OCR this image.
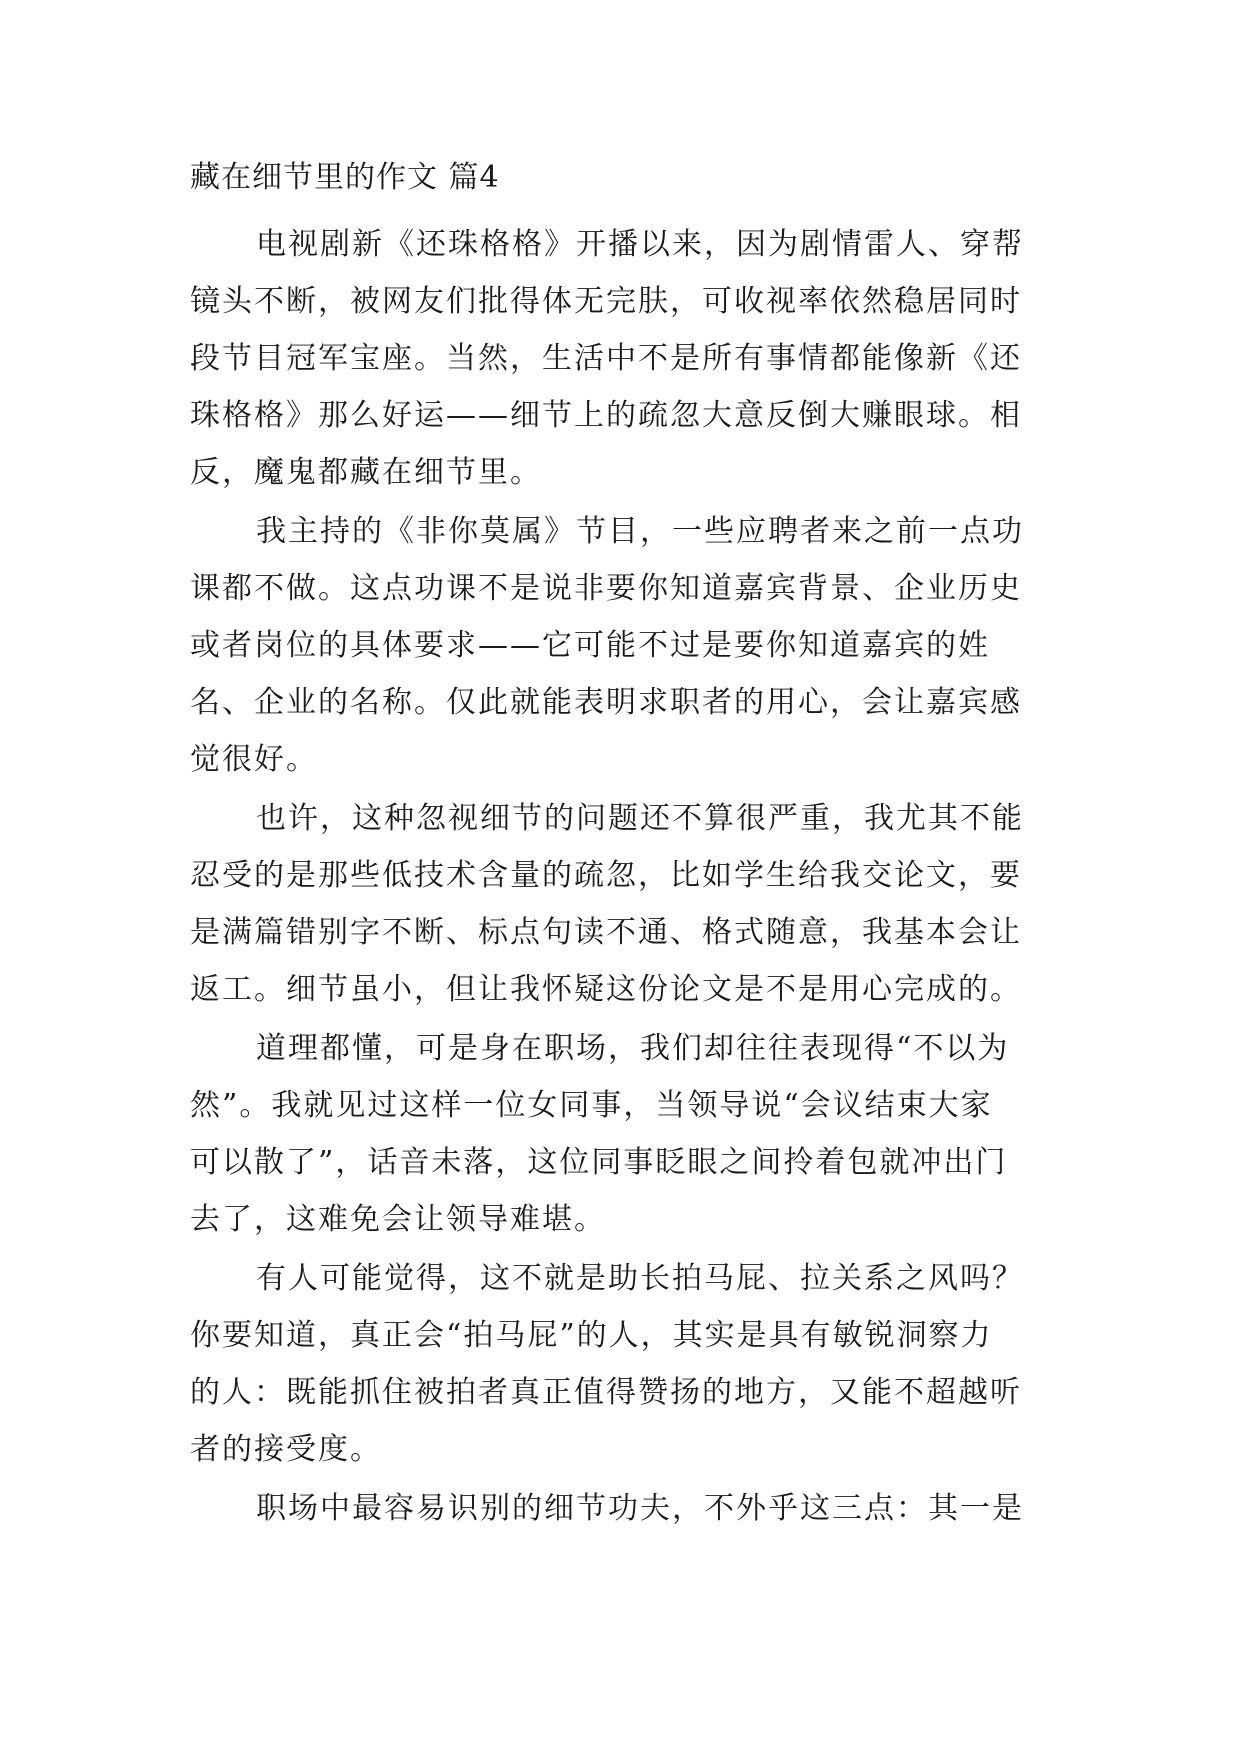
藏在细节里的作文 篇4
电视剧新《还珠格格》开播以来，因为剧情雷人、穿帮
镜头不断，被网友们批得体无完肤，可收视率依然稳居同时
段节目冠军宝座。当然，生活中不是所有事情都能像新《还
珠格格》那么好运——细节上的疏忽大意反倒大赚眼球。相
反，魔鬼都藏在细节里。
我主持的《非你莫属》节目，一些应聘者来之前一点功
课都不做。这点功课不是说非要你知道嘉宾背景、企业历史
或者岗位的具体要求——它可能不过是要你知道嘉宾的姓
名、企业的名称。仅此就能表明求职者的用心，会让嘉宾感
觉很好。
也许，这种忽视细节的问题还不算很严重，我尤其不能
忍受的是那些低技术含量的疏忽，比如学生给我交论文，要
是满篇错别字不断、标点句读不通、格式随意，我基本会让
返工。细节虽小，但让我怀疑这份论文是不是用心完成的。
道理都懂，可是身在职场，我们却往往表现得“不以为
然”。我就见过这样一位女同事，当领导说“会议结束大家
可以散了”，话音未落，这位同事眨眼之间拎着包就冲出门
去了，这难免会让领导难堪。
有人可能觉得，这不就是助长拍马屁、拉关系之风吗？
你要知道，真正会“拍马屁”的人，其实是具有敏锐洞察力
的人：既能抓住被拍者真正值得赞扬的地方，又能不超越听
者的接受度。
职场中最容易识别的细节功夫，不外乎这三点：其一是
